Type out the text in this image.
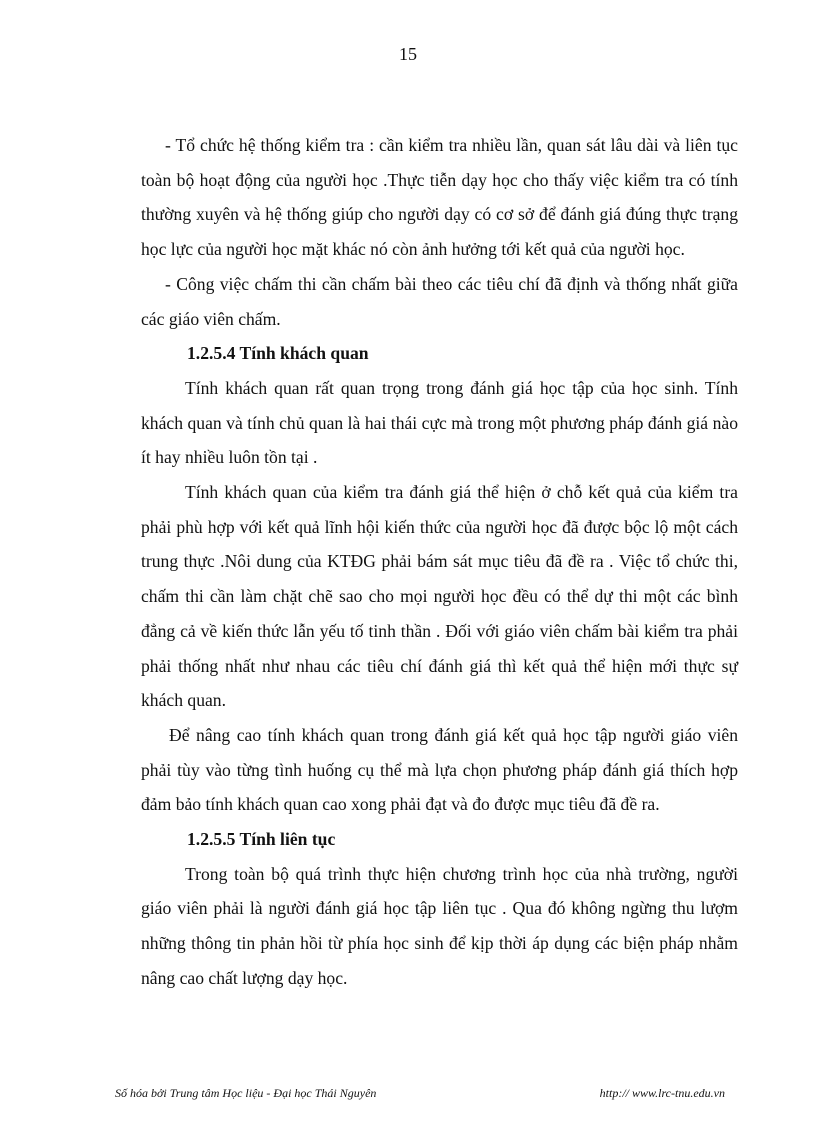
15

- Tổ chức hệ thống kiểm tra : cần kiểm tra nhiều lần, quan sát lâu dài và liên tục toàn bộ hoạt động của người học .Thực tiễn dạy học cho thấy việc kiểm tra có tính thường xuyên và hệ thống giúp cho người dạy có cơ sở để đánh giá đúng thực trạng học lực của người học mặt khác nó còn ảnh hưởng tới kết quả của người học.

- Công việc chấm thi cần chấm bài theo các tiêu chí đã định và thống nhất giữa các giáo viên chấm.

1.2.5.4 Tính khách quan

Tính khách quan rất quan trọng trong đánh giá học tập của học sinh. Tính khách quan và tính chủ quan là hai thái cực mà trong một phương pháp đánh giá nào ít hay nhiều luôn tồn tại .

Tính khách quan của kiểm tra đánh giá thể hiện ở chỗ kết quả của kiểm tra phải phù hợp với kết quả lĩnh hội kiến thức của người học đã được bộc lộ một cách trung thực .Nôi dung của KTĐG phải bám sát mục tiêu đã đề ra . Việc tổ chức thi, chấm thi cần làm chặt chẽ sao cho mọi người học đều có thể dự thi một các bình đẳng cả về kiến thức lẫn yếu tố tinh thần . Đối với giáo viên chấm bài kiểm tra phải phải thống nhất như nhau các tiêu chí đánh giá thì kết quả thể hiện mới thực sự khách quan.

Để nâng cao tính khách quan trong đánh giá kết quả học tập người giáo viên phải tùy vào từng tình huống cụ thể mà lựa chọn phương pháp đánh giá thích hợp đảm bảo tính khách quan cao xong phải đạt và đo được mục tiêu đã đề ra.

1.2.5.5 Tính liên tục

Trong toàn bộ quá trình thực hiện chương trình học của nhà trường, người giáo viên phải là người đánh giá học tập liên tục . Qua đó không ngừng thu lượm những thông tin phản hồi từ phía học sinh để kịp thời áp dụng các biện pháp nhằm nâng cao chất lượng dạy học.

Số hóa bởi Trung tâm Học liệu - Đại học Thái Nguyên	http:// www.lrc-tnu.edu.vn
